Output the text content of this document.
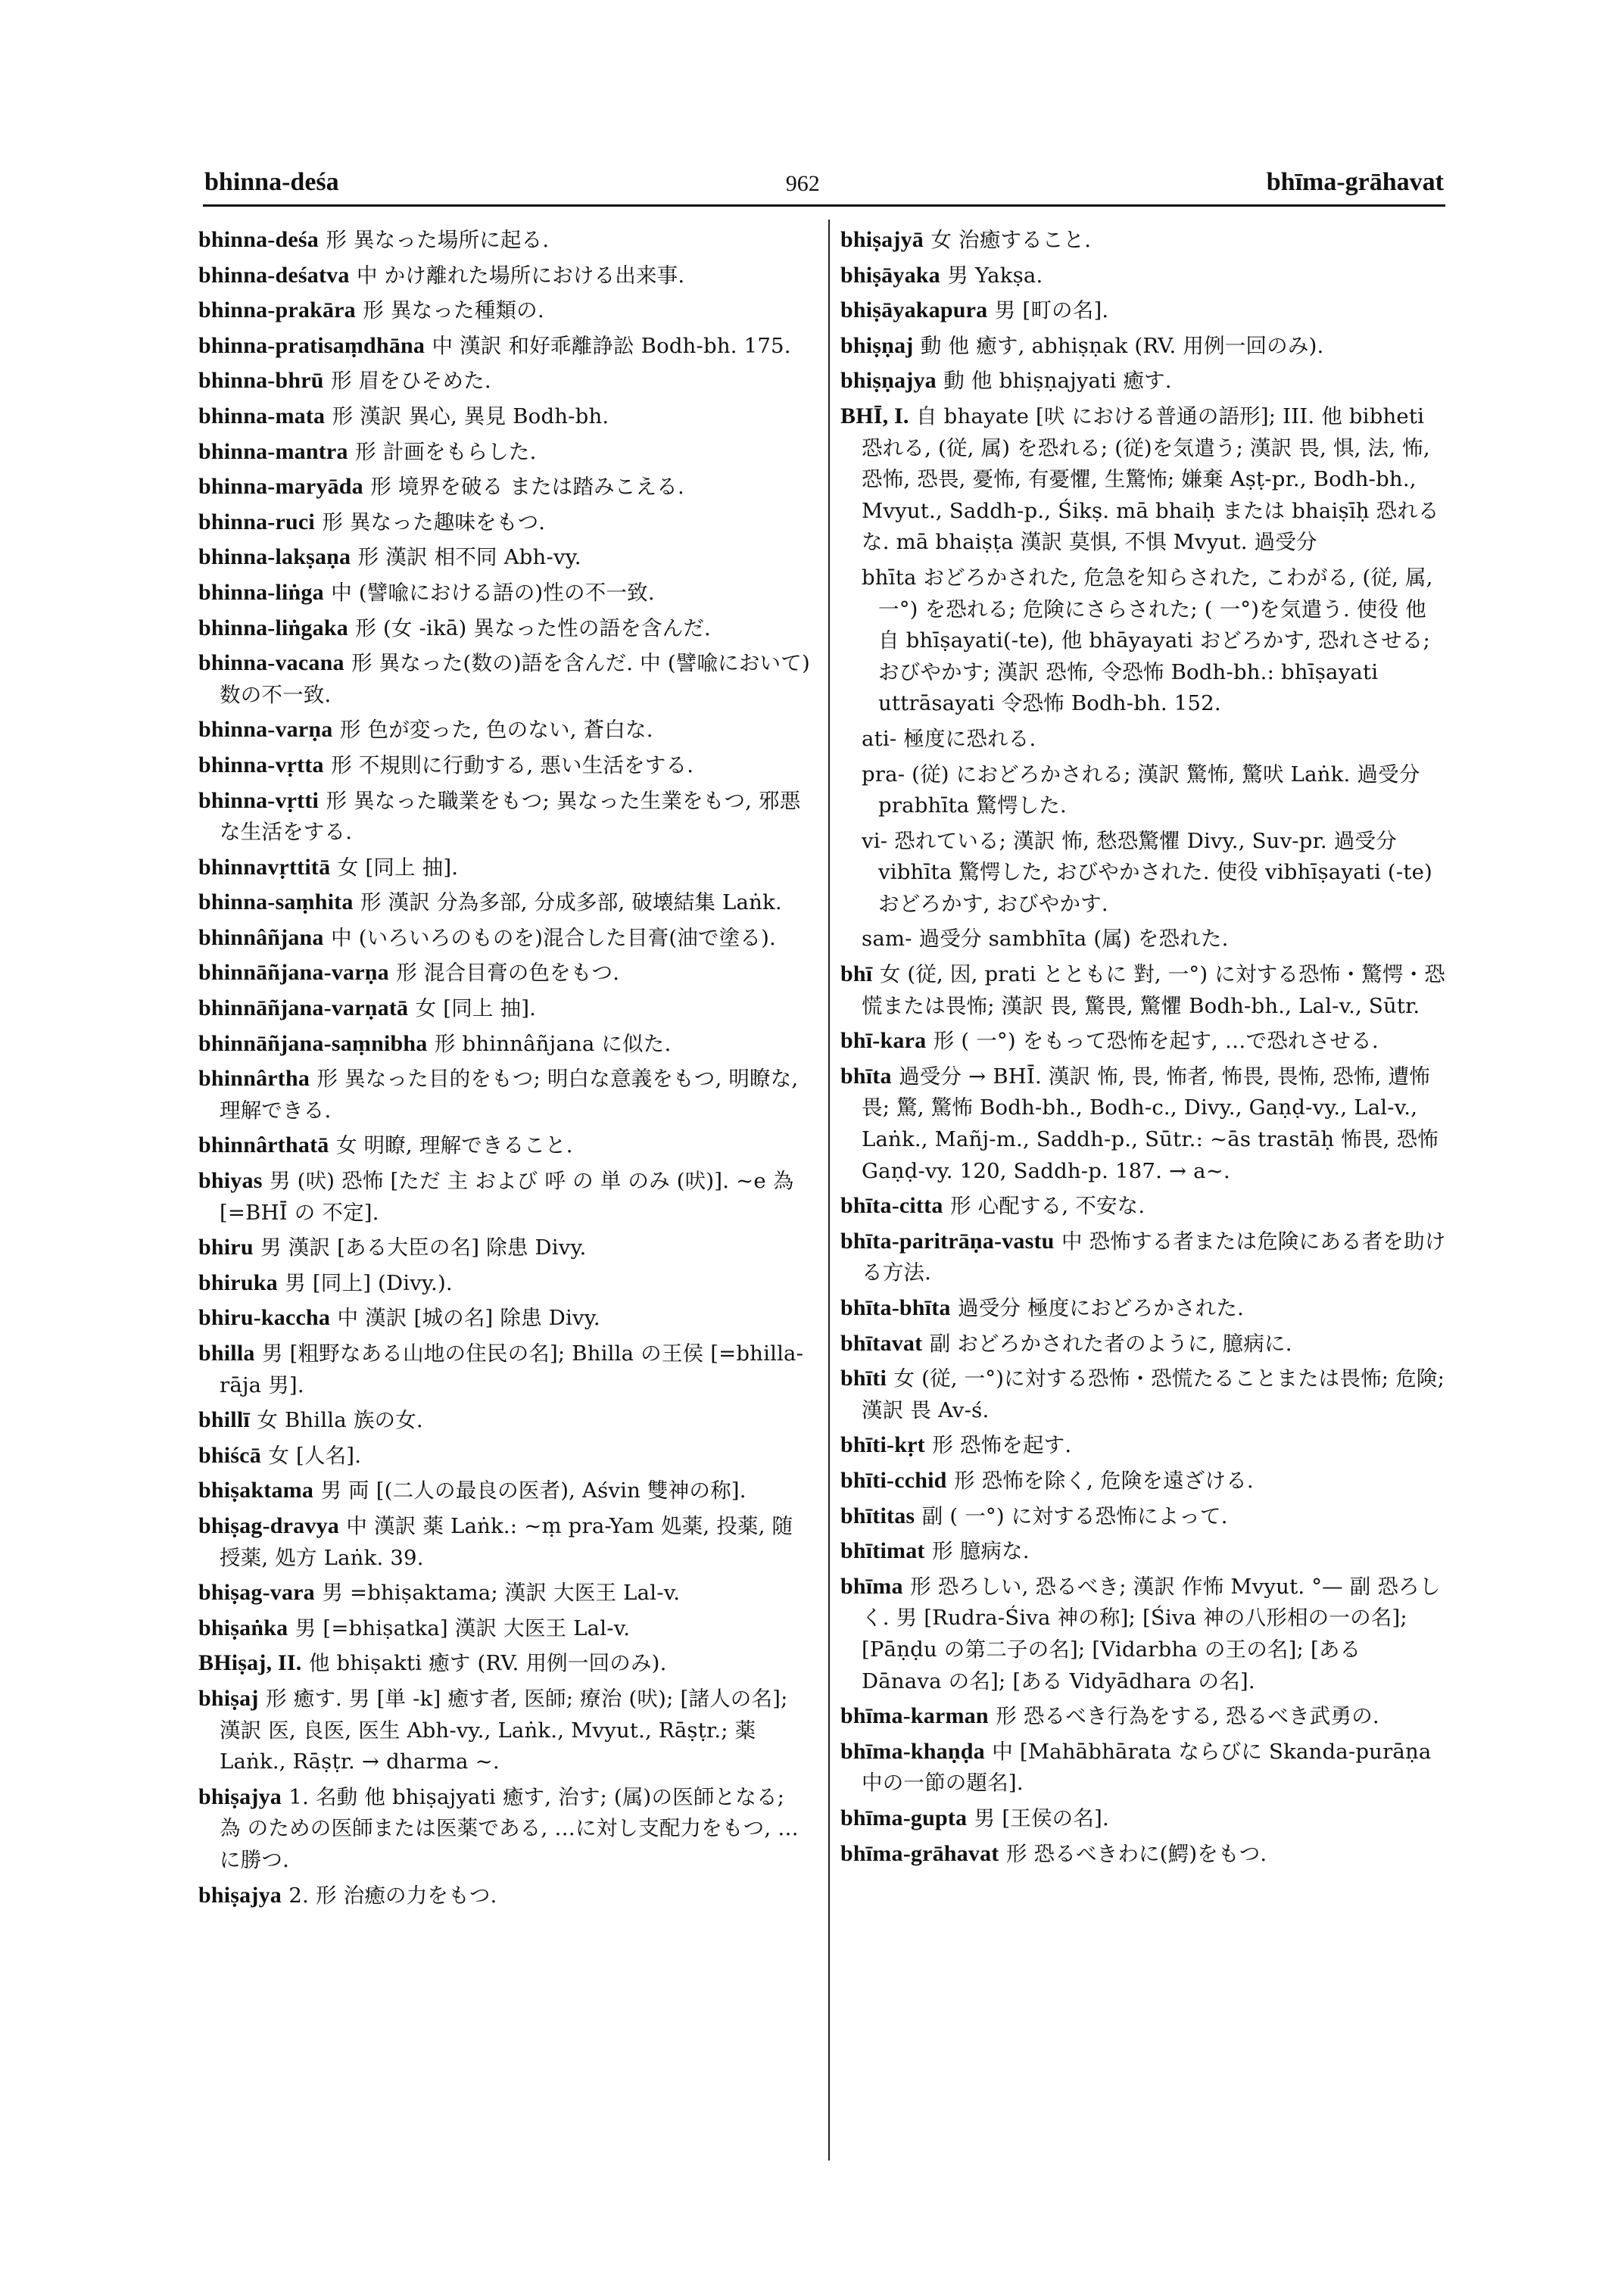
bhinna-deśa	962	bhīma-grāhavat
bhinna-deśa 形 異なった場所に起る.
bhinna-deśatva 中 かけ離れた場所における出来事.
bhinna-prakāra 形 異なった種類の.
bhinna-pratisaṃdhāna 中 漢訳 和好乖離諍訟 Bodh-bh. 175.
bhinna-bhrū 形 眉をひそめた.
bhinna-mata 形 漢訳 異心, 異見 Bodh-bh.
bhinna-mantra 形 計画をもらした.
bhinna-maryāda 形 境界を破る または踏みこえる.
bhinna-ruci 形 異なった趣味をもつ.
bhinna-lakṣaṇa 形 漢訳 相不同 Abh-vy.
bhinna-liṅga 中 (譬喩における語の)性の不一致.
bhinna-liṅgaka 形 (女 -ikā) 異なった性の語を含んだ.
bhinna-vacana 形 異なった(数の)語を含んだ. 中 (譬喩において)数の不一致.
bhinna-varṇa 形 色が変った, 色のない, 蒼白な.
bhinna-vṛtta 形 不規則に行動する, 悪い生活をする.
bhinna-vṛtti 形 異なった職業をもつ; 異なった生業をもつ, 邪悪な生活をする.
bhinnavṛttitā 女 [同上 抽].
bhinna-saṃhita 形 漢訳 分為多部, 分成多部, 破壊結集 Laṅk.
bhinnâñjana 中 (いろいろのものを)混合した目膏(油で塗る).
bhinnāñjana-varṇa 形 混合目膏の色をもつ.
bhinnāñjana-varṇatā 女 [同上 抽].
bhinnāñjana-saṃnibha 形 bhinnâñjana に似た.
bhinnârtha 形 異なった目的をもつ; 明白な意義をもつ, 明瞭な, 理解できる.
bhinnârthatā 女 明瞭, 理解できること.
bhiyas 男 (吠) 恐怖 [ただ 主 および 呼 の 単 のみ (吠)]. ~e 為 [=BHĪ の 不定].
bhiru 男 漢訳 [ある大臣の名] 除患 Divy.
bhiruka 男 [同上] (Divy.).
bhiru-kaccha 中 漢訳 [城の名] 除患 Divy.
bhilla 男 [粗野なある山地の住民の名]; Bhilla の王侯 [=bhilla-rāja 男].
bhillī 女 Bhilla 族の女.
bhiścā 女 [人名].
bhiṣaktama 男 両 [(二人の最良の医者), Aśvin 雙神の称].
bhiṣag-dravya 中 漢訳 薬 Laṅk.: ~ṃ pra-Yam 処薬, 投薬, 随授薬, 処方 Laṅk. 39.
bhiṣag-vara 男 =bhiṣaktama; 漢訳 大医王 Lal-v.
bhiṣaṅka 男 [=bhiṣatka] 漢訳 大医王 Lal-v.
BHiṣaj, II. 他 bhiṣakti 癒す (RV. 用例一回のみ).
bhiṣaj 形 癒す. 男 [単 -k] 癒す者, 医師; 療治 (吠); [諸人の名]; 漢訳 医, 良医, 医生 Abh-vy., Laṅk., Mvyut., Rāṣṭr.; 薬 Laṅk., Rāṣṭr. → dharma ~.
bhiṣajya 1. 名動 他 bhiṣajyati 癒す, 治す; (属)の医師となる; 為 のための医師または医薬である, …に対し支配力をもつ, …に勝つ.
bhiṣajya 2. 形 治癒の力をもつ.
bhiṣajyā 女 治癒すること.
bhiṣāyaka 男 Yakṣa.
bhiṣāyakapura 男 [町の名].
bhiṣṇaj 動 他 癒す, abhiṣṇak (RV. 用例一回のみ).
bhiṣṇajya 動 他 bhiṣṇajyati 癒す.
BHĪ, I. 自 bhayate [吠 における普通の語形]; III. 他 bibheti 恐れる, (従, 属) を恐れる; (従)を気遣う; 漢訳 畏, 惧, 法, 怖, 恐怖, 恐畏, 憂怖, 有憂懼, 生驚怖; 嫌棄 Aṣṭ-pr., Bodh-bh., Mvyut., Saddh-p., Śikṣ. mā bhaiḥ または bhaiṣīḥ 恐れるな. mā bhaiṣṭa 漢訳 莫惧, 不惧 Mvyut. 過受分
bhīta おどろかされた, 危急を知らされた, こわがる, (従, 属, 一°) を恐れる; 危険にさらされた; ( 一°)を気遣う. 使役 他 自 bhīṣayati(-te), 他 bhāyayati おどろかす, 恐れさせる; おびやかす; 漢訳 恐怖, 令恐怖 Bodh-bh.: bhīṣayati uttrāsayati 令恐怖 Bodh-bh. 152.
ati- 極度に恐れる.
pra- (従) におどろかされる; 漢訳 驚怖, 驚吠 Laṅk. 過受分 prabhīta 驚愕した.
vi- 恐れている; 漢訳 怖, 愁恐驚懼 Divy., Suv-pr. 過受分 vibhīta 驚愕した, おびやかされた. 使役 vibhīṣayati (-te) おどろかす, おびやかす.
sam- 過受分 sambhīta (属) を恐れた.
bhī 女 (従, 因, prati とともに 對, 一°) に対する恐怖・驚愕・恐慌または畏怖; 漢訳 畏, 驚畏, 驚懼 Bodh-bh., Lal-v., Sūtr.
bhī-kara 形 ( 一°) をもって恐怖を起す, …で恐れさせる.
bhīta 過受分 → BHĪ. 漢訳 怖, 畏, 怖者, 怖畏, 畏怖, 恐怖, 遭怖畏; 驚, 驚怖 Bodh-bh., Bodh-c., Divy., Gaṇḍ-vy., Lal-v., Laṅk., Mañj-m., Saddh-p., Sūtr.: ~ās trastāḥ 怖畏, 恐怖 Gaṇḍ-vy. 120, Saddh-p. 187. → a~.
bhīta-citta 形 心配する, 不安な.
bhīta-paritrāṇa-vastu 中 恐怖する者または危険にある者を助ける方法.
bhīta-bhīta 過受分 極度におどろかされた.
bhītavat 副 おどろかされた者のように, 臆病に.
bhīti 女 (従, 一°)に対する恐怖・恐慌たることまたは畏怖; 危険; 漢訳 畏 Av-ś.
bhīti-kṛt 形 恐怖を起す.
bhīti-cchid 形 恐怖を除く, 危険を遠ざける.
bhītitas 副 ( 一°) に対する恐怖によって.
bhītimat 形 臆病な.
bhīma 形 恐ろしい, 恐るべき; 漢訳 作怖 Mvyut. °— 副 恐ろしく. 男 [Rudra-Śiva 神の称]; [Śiva 神の八形相の一の名]; [Pāṇḍu の第二子の名]; [Vidarbha の王の名]; [ある Dānava の名]; [ある Vidyādhara の名].
bhīma-karman 形 恐るべき行為をする, 恐るべき武勇の.
bhīma-khaṇḍa 中 [Mahābhārata ならびに Skanda-purāṇa 中の一節の題名].
bhīma-gupta 男 [王侯の名].
bhīma-grāhavat 形 恐るべきわに(鰐)をもつ.
